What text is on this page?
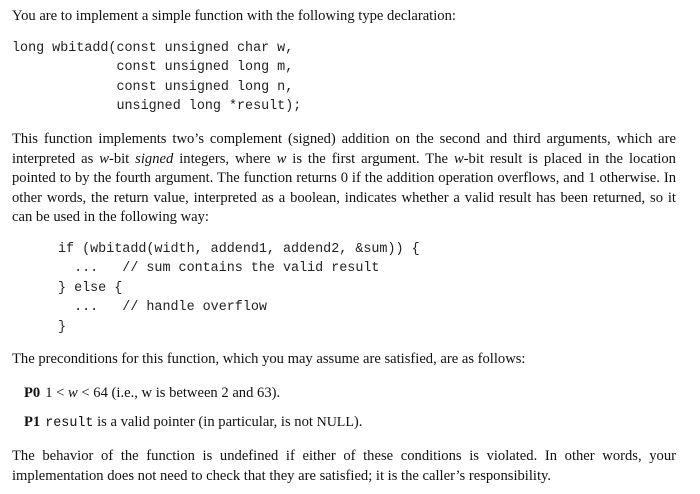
You are to implement a simple function with the following type declaration:

long wbitadd(const unsigned char w,
const unsigned long m,
const unsigned long n,
unsigned long *result);

This function implements two’s complement (signed) addition on the second and third arguments, which are interpreted as w-bit signed integers, where w is the first argument. The w-bit result is placed in the location pointed to by the fourth argument. The function returns 0 if the addition operation overflows, and 1 otherwise. In other words, the return value, interpreted as a boolean, indicates whether a valid result has been returned, so it can be used in the following way:

if (wbitadd(width, addend1, addend2, &sum)) {
...   // sum contains the valid result
} else {
...   // handle overflow
}

The preconditions for this function, which you may assume are satisfied, are as follows:

P0 1 < w < 64 (i.e., w is between 2 and 63).
P1 result is a valid pointer (in particular, is not NULL).

The behavior of the function is undefined if either of these conditions is violated. In other words, your implementation does not need to check that they are satisfied; it is the caller’s responsibility.
